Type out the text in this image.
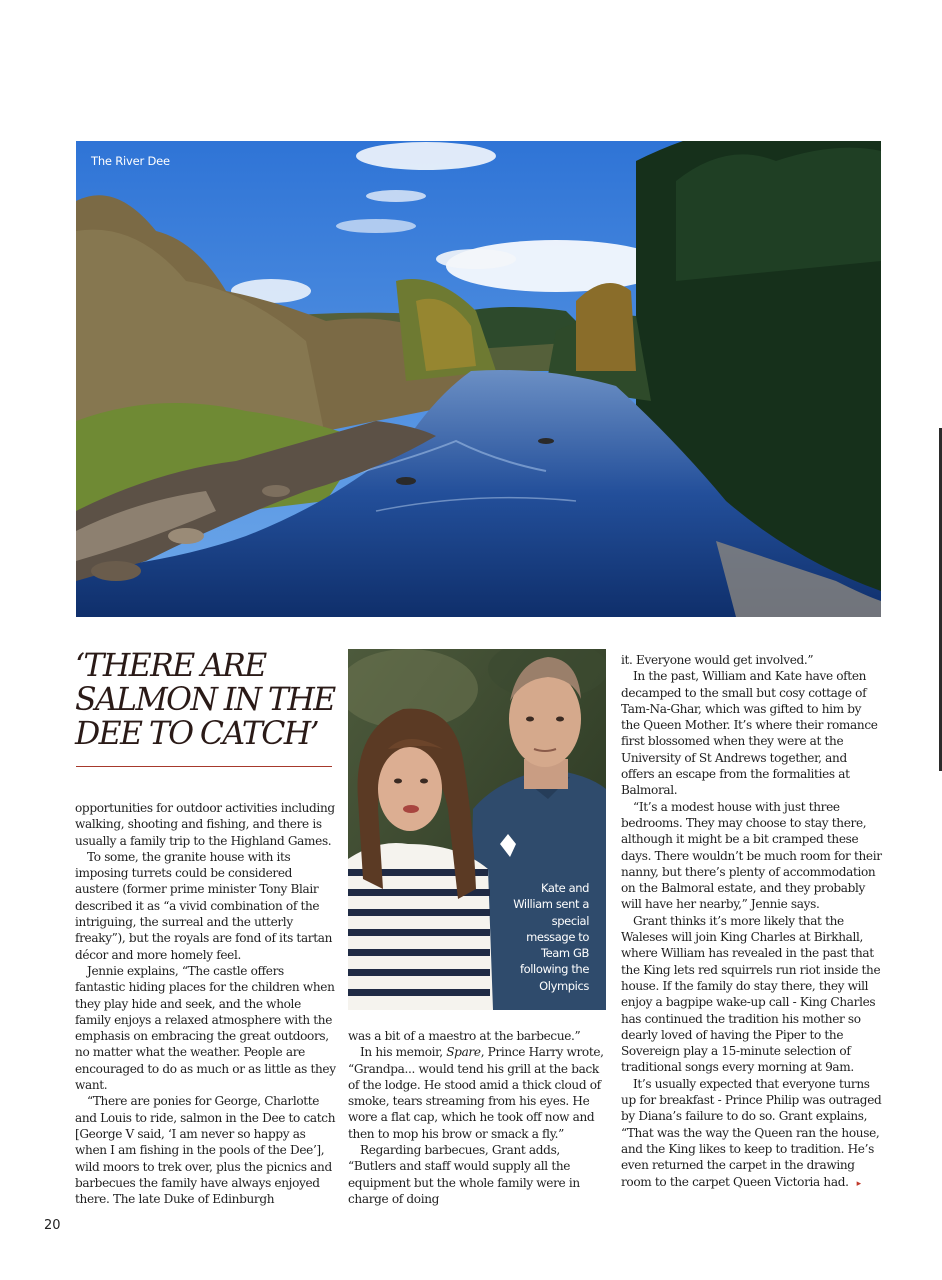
The River Dee
‘THERE ARE SALMON IN THE DEE TO CATCH’

opportunities for outdoor activities including walking, shooting and fishing, and there is usually a family trip to the Highland Games.

To some, the granite house with its imposing turrets could be considered austere (former prime minister Tony Blair described it as “a vivid combination of the intriguing, the surreal and the utterly freaky”), but the royals are fond of its tartan décor and more homely feel.

Jennie explains, “The castle offers fantastic hiding places for the children when they play hide and seek, and the whole family enjoys a relaxed atmosphere with the emphasis on embracing the great outdoors, no matter what the weather. People are encouraged to do as much or as little as they want.

“There are ponies for George, Charlotte and Louis to ride, salmon in the Dee to catch [George V said, ‘I am never so happy as when I am fishing in the pools of the Dee’], wild moors to trek over, plus the picnics and barbecues the family have always enjoyed there. The late Duke of Edinburgh

Kate and William sent a special message to Team GB following the Olympics

was a bit of a maestro at the barbecue.”

In his memoir, Spare, Prince Harry wrote, “Grandpa... would tend his grill at the back of the lodge. He stood amid a thick cloud of smoke, tears streaming from his eyes. He wore a flat cap, which he took off now and then to mop his brow or smack a fly.”

Regarding barbecues, Grant adds, “Butlers and staff would supply all the equipment but the whole family were in charge of doing

it. Everyone would get involved.”

In the past, William and Kate have often decamped to the small but cosy cottage of Tam-Na-Ghar, which was gifted to him by the Queen Mother. It’s where their romance first blossomed when they were at the University of St Andrews together, and offers an escape from the formalities at Balmoral.

“It’s a modest house with just three bedrooms. They may choose to stay there, although it might be a bit cramped these days. There wouldn’t be much room for their nanny, but there’s plenty of accommodation on the Balmoral estate, and they probably will have her nearby,” Jennie says.

Grant thinks it’s more likely that the Waleses will join King Charles at Birkhall, where William has revealed in the past that the King lets red squirrels run riot inside the house. If the family do stay there, they will enjoy a bagpipe wake-up call - King Charles has continued the tradition his mother so dearly loved of having the Piper to the Sovereign play a 15-minute selection of traditional songs every morning at 9am.

It’s usually expected that everyone turns up for breakfast - Prince Philip was outraged by Diana’s failure to do so. Grant explains, “That was the way the Queen ran the house, and the King likes to keep to tradition. He’s even returned the carpet in the drawing room to the carpet Queen Victoria had. ▸

20
